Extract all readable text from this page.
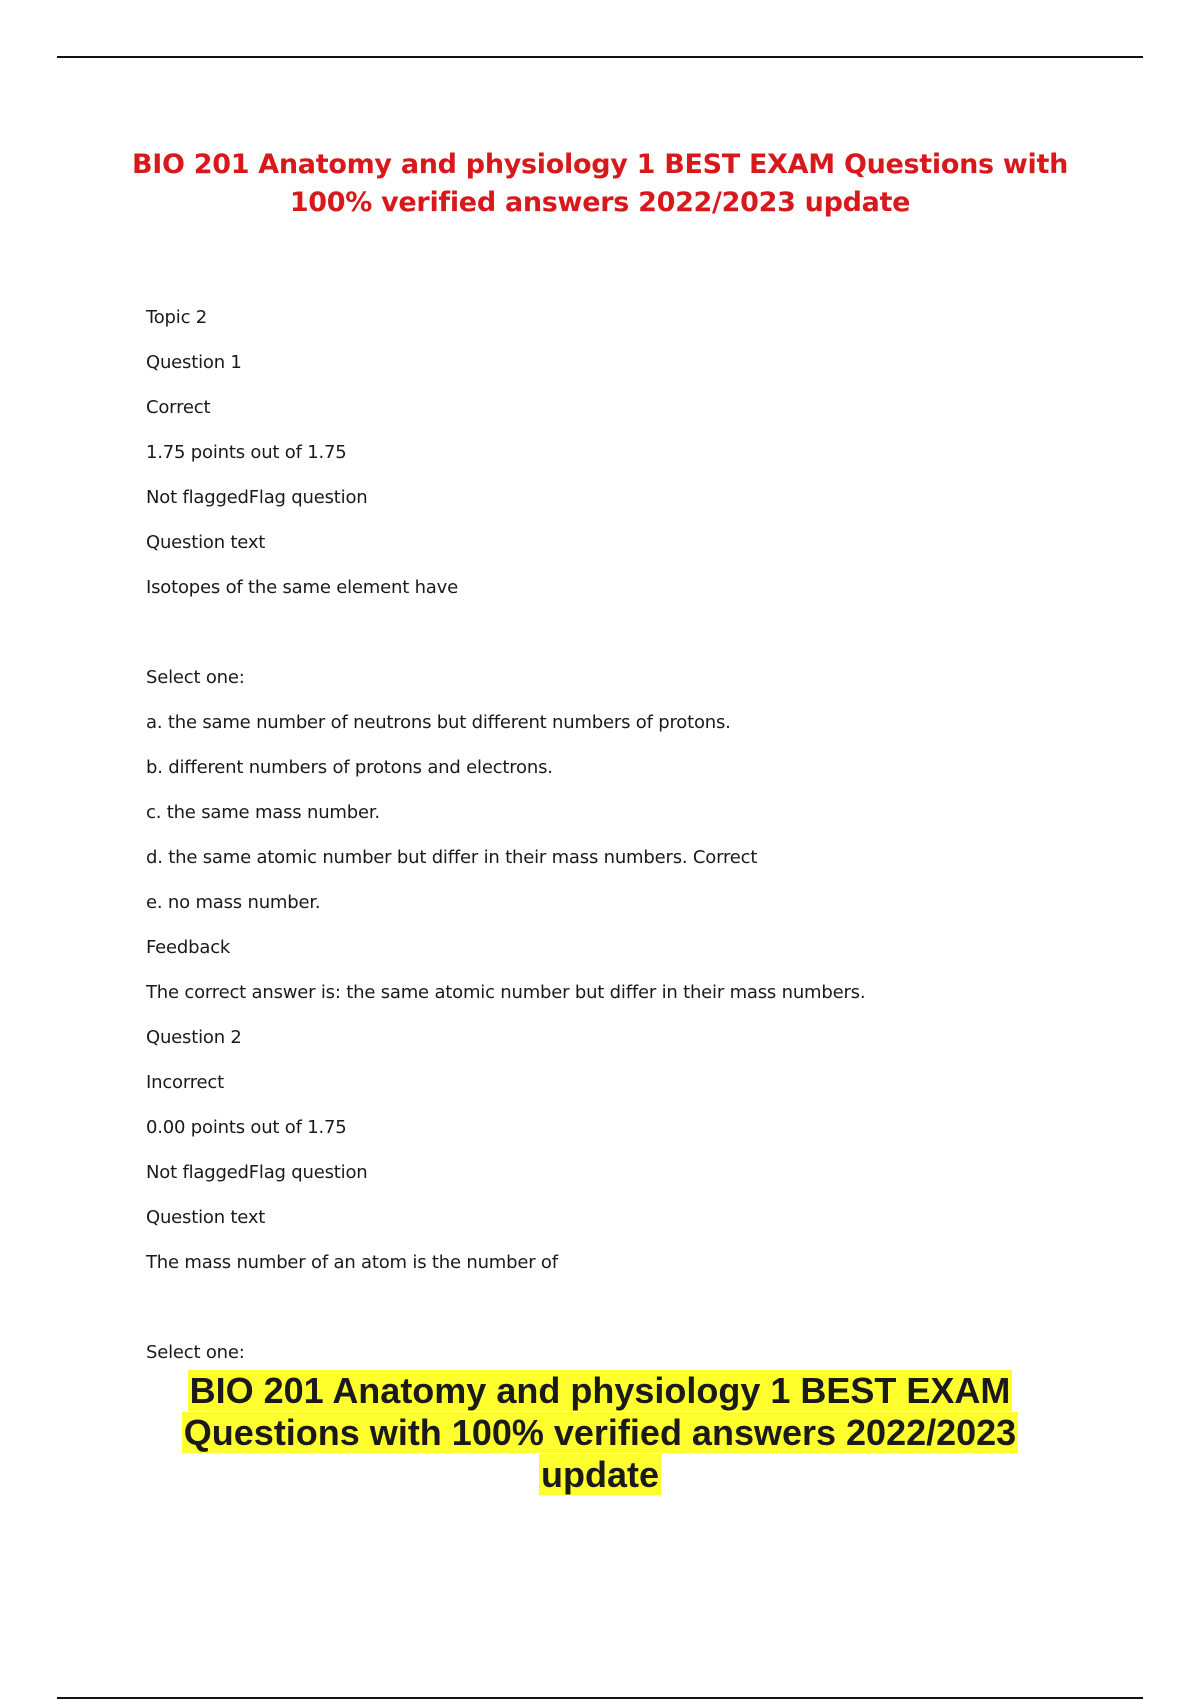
BIO 201 Anatomy and physiology 1 BEST EXAM Questions with 100% verified answers 2022/2023 update
Topic 2
Question 1
Correct
1.75 points out of 1.75
Not flaggedFlag question
Question text
Isotopes of the same element have
Select one:
a. the same number of neutrons but different numbers of protons.
b. different numbers of protons and electrons.
c. the same mass number.
d. the same atomic number but differ in their mass numbers. Correct
e. no mass number.
Feedback
The correct answer is: the same atomic number but differ in their mass numbers.
Question 2
Incorrect
0.00 points out of 1.75
Not flaggedFlag question
Question text
The mass number of an atom is the number of
Select one:
BIO 201 Anatomy and physiology 1 BEST EXAM Questions with 100% verified answers 2022/2023 update
